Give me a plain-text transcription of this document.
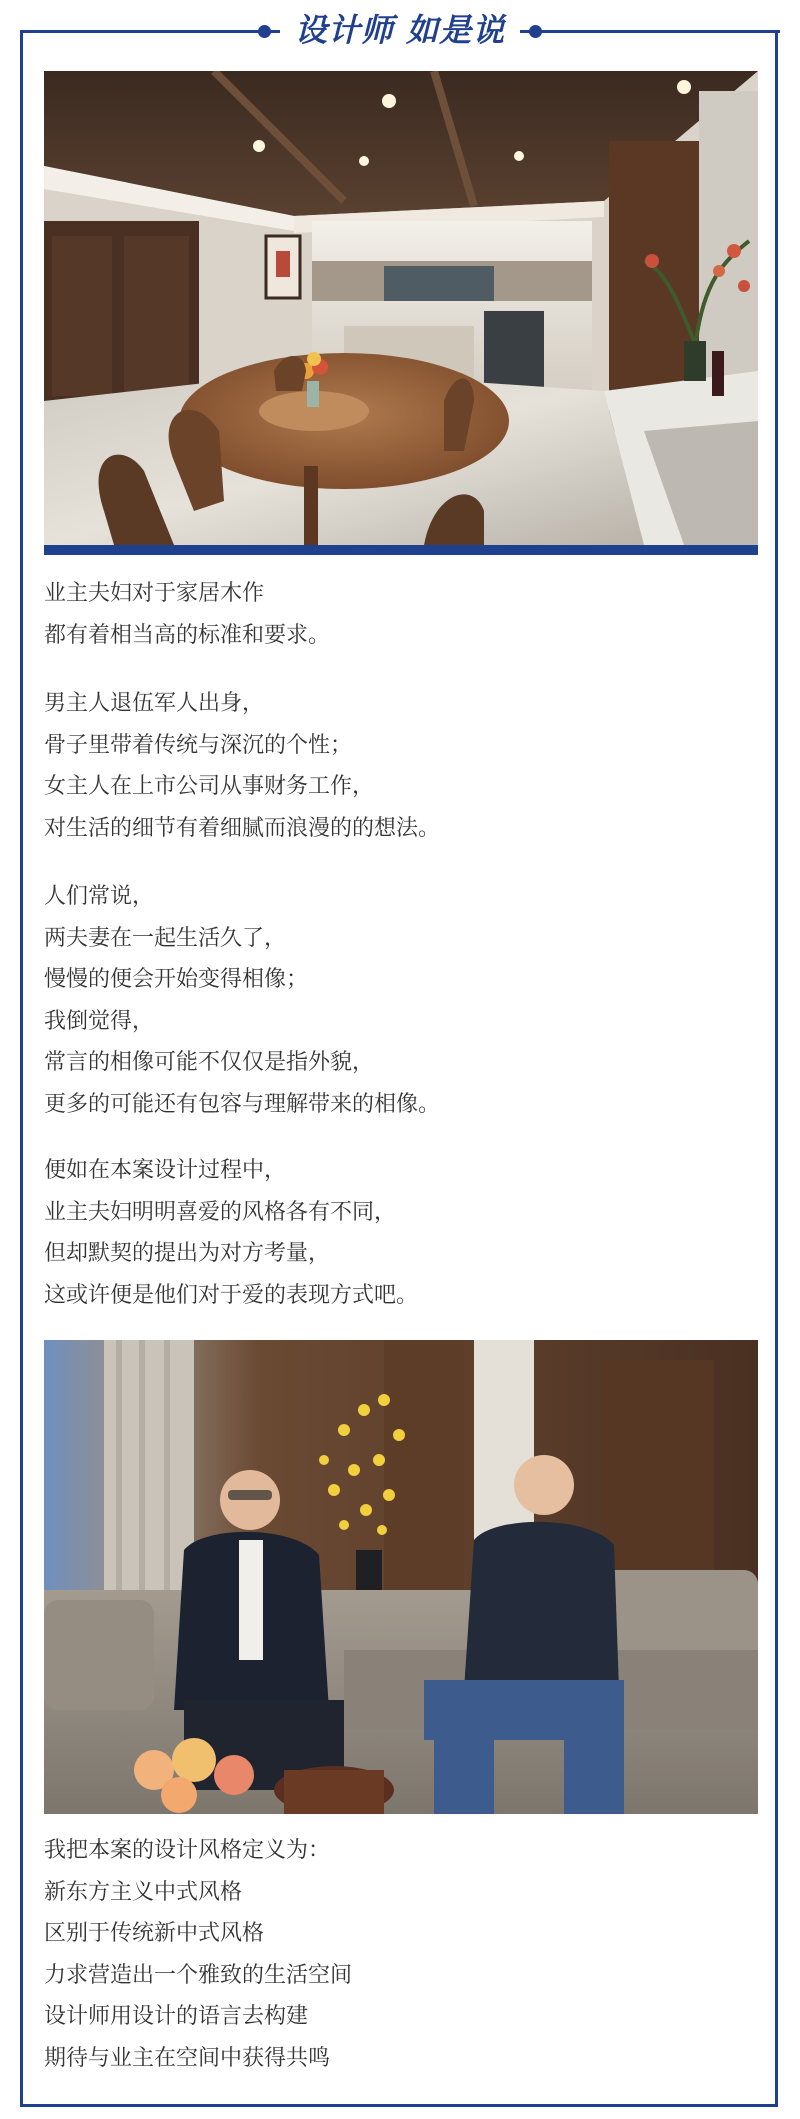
设计师 如是说
业主夫妇对于家居木作
都有着相当高的标准和要求。
男主人退伍军人出身，
骨子里带着传统与深沉的个性；
女主人在上市公司从事财务工作，
对生活的细节有着细腻而浪漫的的想法。
人们常说，
两夫妻在一起生活久了，
慢慢的便会开始变得相像；
我倒觉得，
常言的相像可能不仅仅是指外貌，
更多的可能还有包容与理解带来的相像。
便如在本案设计过程中，
业主夫妇明明喜爱的风格各有不同，
但却默契的提出为对方考量，
这或许便是他们对于爱的表现方式吧。
我把本案的设计风格定义为：
新东方主义中式风格
区别于传统新中式风格
力求营造出一个雅致的生活空间
设计师用设计的语言去构建
期待与业主在空间中获得共鸣
